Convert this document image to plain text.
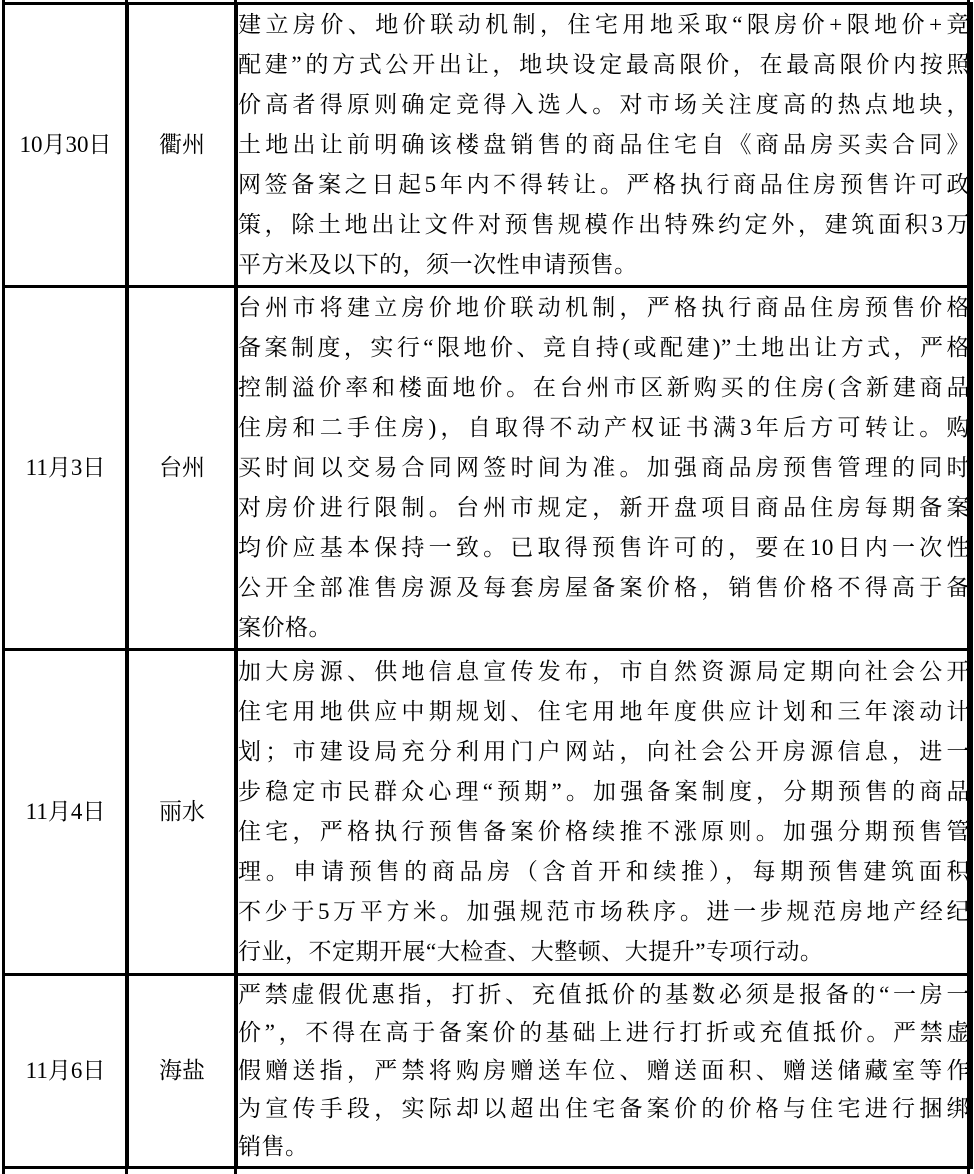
10月30日	衢州	
建立房价、地价联动机制，住宅用地采取“限房价+限地价+竞
配建”的方式公开出让，地块设定最高限价，在最高限价内按照
价高者得原则确定竞得入选人。对市场关注度高的热点地块，
土地出让前明确该楼盘销售的商品住宅自《商品房买卖合同》
网签备案之日起5年内不得转让。严格执行商品住房预售许可政
策，除土地出让文件对预售规模作出特殊约定外，建筑面积3万
平方米及以下的，须一次性申请预售。

11月3日	台州	
台州市将建立房价地价联动机制，严格执行商品住房预售价格
备案制度，实行“限地价、竞自持(或配建)”土地出让方式，严格
控制溢价率和楼面地价。在台州市区新购买的住房(含新建商品
住房和二手住房)，自取得不动产权证书满3年后方可转让。购
买时间以交易合同网签时间为准。加强商品房预售管理的同时
对房价进行限制。台州市规定，新开盘项目商品住房每期备案
均价应基本保持一致。已取得预售许可的，要在10日内一次性
公开全部准售房源及每套房屋备案价格，销售价格不得高于备
案价格。

11月4日	丽水	
加大房源、供地信息宣传发布，市自然资源局定期向社会公开
住宅用地供应中期规划、住宅用地年度供应计划和三年滚动计
划；市建设局充分利用门户网站，向社会公开房源信息，进一
步稳定市民群众心理“预期”。加强备案制度，分期预售的商品
住宅，严格执行预售备案价格续推不涨原则。加强分期预售管
理。申请预售的商品房（含首开和续推），每期预售建筑面积
不少于5万平方米。加强规范市场秩序。进一步规范房地产经纪
行业，不定期开展“大检查、大整顿、大提升”专项行动。

11月6日	海盐	严禁虚假优惠指，打折、充值抵价的基数必须是报备的“一房一
价”，不得在高于备案价的基础上进行打折或充值抵价。严禁虚
假赠送指，严禁将购房赠送车位、赠送面积、赠送储藏室等作
为宣传手段，实际却以超出住宅备案价的价格与住宅进行捆绑
销售。
